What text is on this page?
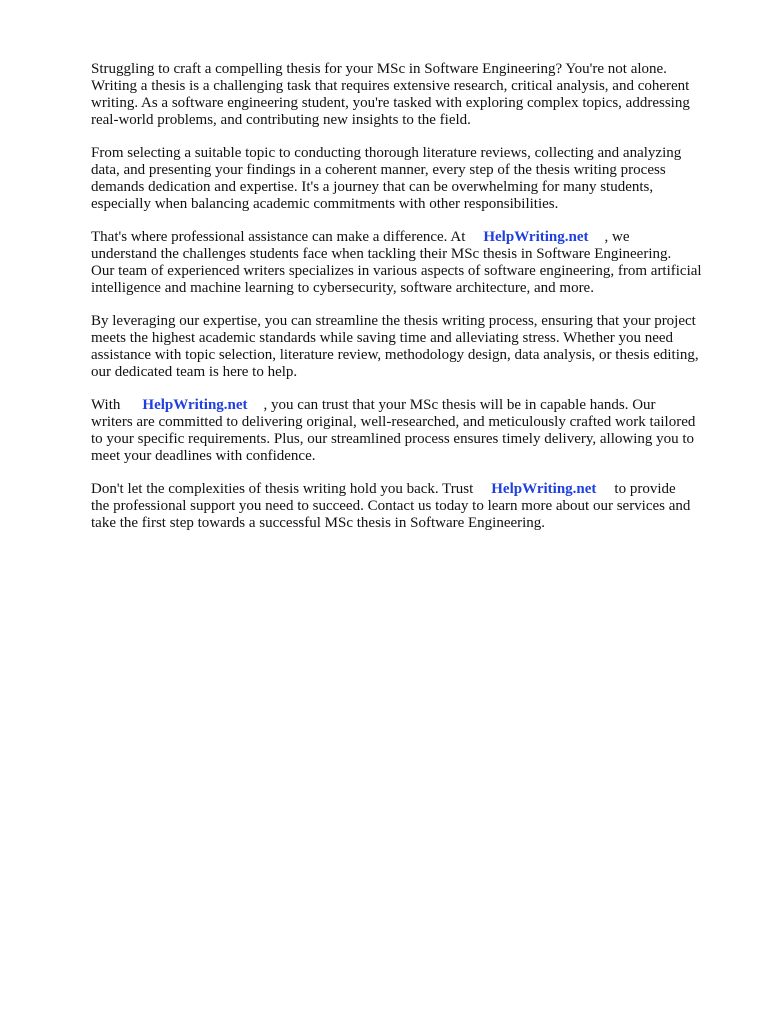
Struggling to craft a compelling thesis for your MSc in Software Engineering? You're not alone.
Writing a thesis is a challenging task that requires extensive research, critical analysis, and coherent
writing. As a software engineering student, you're tasked with exploring complex topics, addressing
real-world problems, and contributing new insights to the field.

From selecting a suitable topic to conducting thorough literature reviews, collecting and analyzing
data, and presenting your findings in a coherent manner, every step of the thesis writing process
demands dedication and expertise. It's a journey that can be overwhelming for many students,
especially when balancing academic commitments with other responsibilities.

That's where professional assistance can make a difference. At HelpWriting.net , we
understand the challenges students face when tackling their MSc thesis in Software Engineering.
Our team of experienced writers specializes in various aspects of software engineering, from artificial
intelligence and machine learning to cybersecurity, software architecture, and more.

By leveraging our expertise, you can streamline the thesis writing process, ensuring that your project
meets the highest academic standards while saving time and alleviating stress. Whether you need
assistance with topic selection, literature review, methodology design, data analysis, or thesis editing,
our dedicated team is here to help.

With HelpWriting.net , you can trust that your MSc thesis will be in capable hands. Our
writers are committed to delivering original, well-researched, and meticulously crafted work tailored
to your specific requirements. Plus, our streamlined process ensures timely delivery, allowing you to
meet your deadlines with confidence.

Don't let the complexities of thesis writing hold you back. Trust HelpWriting.net to provide
the professional support you need to succeed. Contact us today to learn more about our services and
take the first step towards a successful MSc thesis in Software Engineering.
